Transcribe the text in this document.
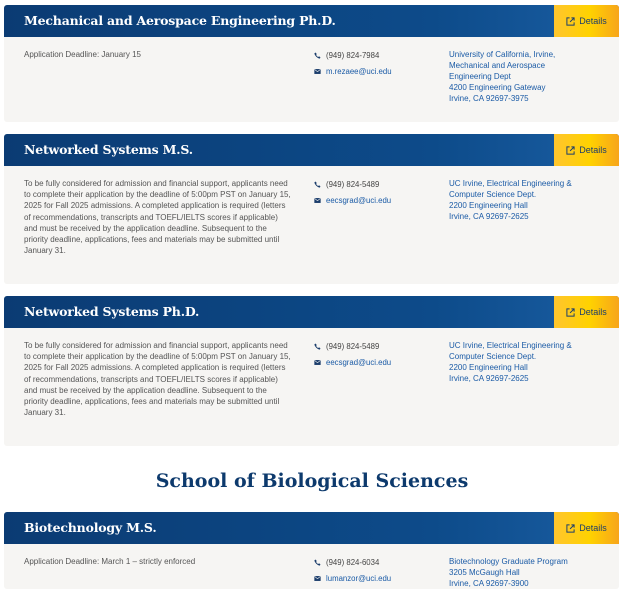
Mechanical and Aerospace Engineering Ph.D.	Details

Application Deadline: January 15	(949) 824-7984
m.rezaee@uci.edu
University of California, Irvine,
Mechanical and Aerospace
Engineering Dept
4200 Engineering Gateway
Irvine, CA 92697-3975
Networked Systems M.S.	Details

To be fully considered for admission and financial support, applicants need to complete their application by the deadline of 5:00pm PST on January 15, 2025 for Fall 2025 admissions. A completed application is required (letters of recommendations, transcripts and TOEFL/IELTS scores if applicable) and must be received by the application deadline. Subsequent to the priority deadline, applications, fees and materials may be submitted until January 31.

(949) 824-5489
eecsgrad@uci.edu
UC Irvine, Electrical Engineering &
Computer Science Dept.
2200 Engineering Hall
Irvine, CA 92697-2625
Networked Systems Ph.D.	Details

To be fully considered for admission and financial support, applicants need to complete their application by the deadline of 5:00pm PST on January 15, 2025 for Fall 2025 admissions. A completed application is required (letters of recommendations, transcripts and TOEFL/IELTS scores if applicable) and must be received by the application deadline. Subsequent to the priority deadline, applications, fees and materials may be submitted until January 31.

(949) 824-5489
eecsgrad@uci.edu
UC Irvine, Electrical Engineering &
Computer Science Dept.
2200 Engineering Hall
Irvine, CA 92697-2625
School of Biological Sciences
Biotechnology M.S.	Details

Application Deadline: March 1 – strictly enforced	(949) 824-6034
lumanzor@uci.edu
Biotechnology Graduate Program
3205 McGaugh Hall
Irvine, CA 92697-3900
